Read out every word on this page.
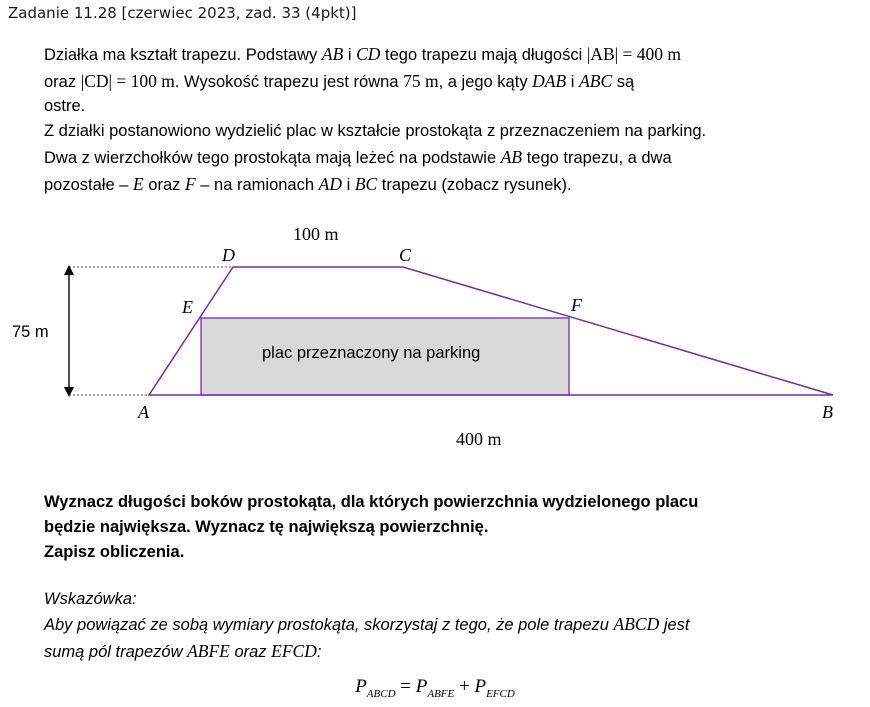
Zadanie 11.28 [czerwiec 2023, zad. 33 (4pkt)]
Działka ma kształt trapezu. Podstawy AB i CD tego trapezu mają długości |AB| = 400 m
oraz |CD| = 100 m. Wysokość trapezu jest równa 75 m, a jego kąty DAB i ABC są
ostre.
Z działki postanowiono wydzielić plac w kształcie prostokąta z przeznaczeniem na parking.
Dwa z wierzchołków tego prostokąta mają leżeć na podstawie AB tego trapezu, a dwa
pozostałe – E oraz F – na ramionach AD i BC trapezu (zobacz rysunek).
100 m
400 m
75 m
plac przeznaczony na parking
D	C
E	F
A	B
Wyznacz długości boków prostokąta, dla których powierzchnia wydzielonego placu
będzie największa. Wyznacz tę największą powierzchnię.
Zapisz obliczenia.
Wskazówka:
Aby powiązać ze sobą wymiary prostokąta, skorzystaj z tego, że pole trapezu ABCD jest
sumą pól trapezów ABFE oraz EFCD:
$P_{ABCD} = P_{ABFE} + P_{EFCD}$
